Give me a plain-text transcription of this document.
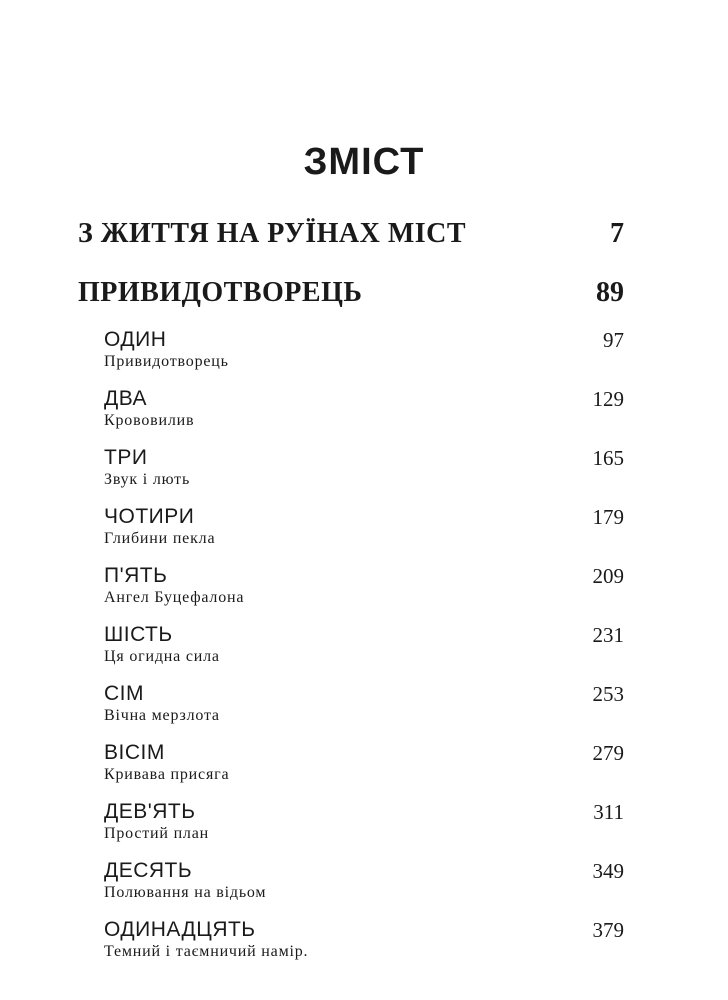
ЗМІСТ
З ЖИТТЯ НА РУЇНАХ МІСТ	7
ПРИВИДОТВОРЕЦЬ	89
ОДИН	97
Привидотворець
ДВА	129
Крововилив
ТРИ	165
Звук і лють
ЧОТИРИ	179
Глибини пекла
П'ЯТЬ	209
Ангел Буцефалона
ШІСТЬ	231
Ця огидна сила
СІМ	253
Вічна мерзлота
ВІСІМ	279
Кривава присяга
ДЕВ'ЯТЬ	311
Простий план
ДЕСЯТЬ	349
Полювання на відьом
ОДИНАДЦЯТЬ	379
Темний і таємничий намір.
